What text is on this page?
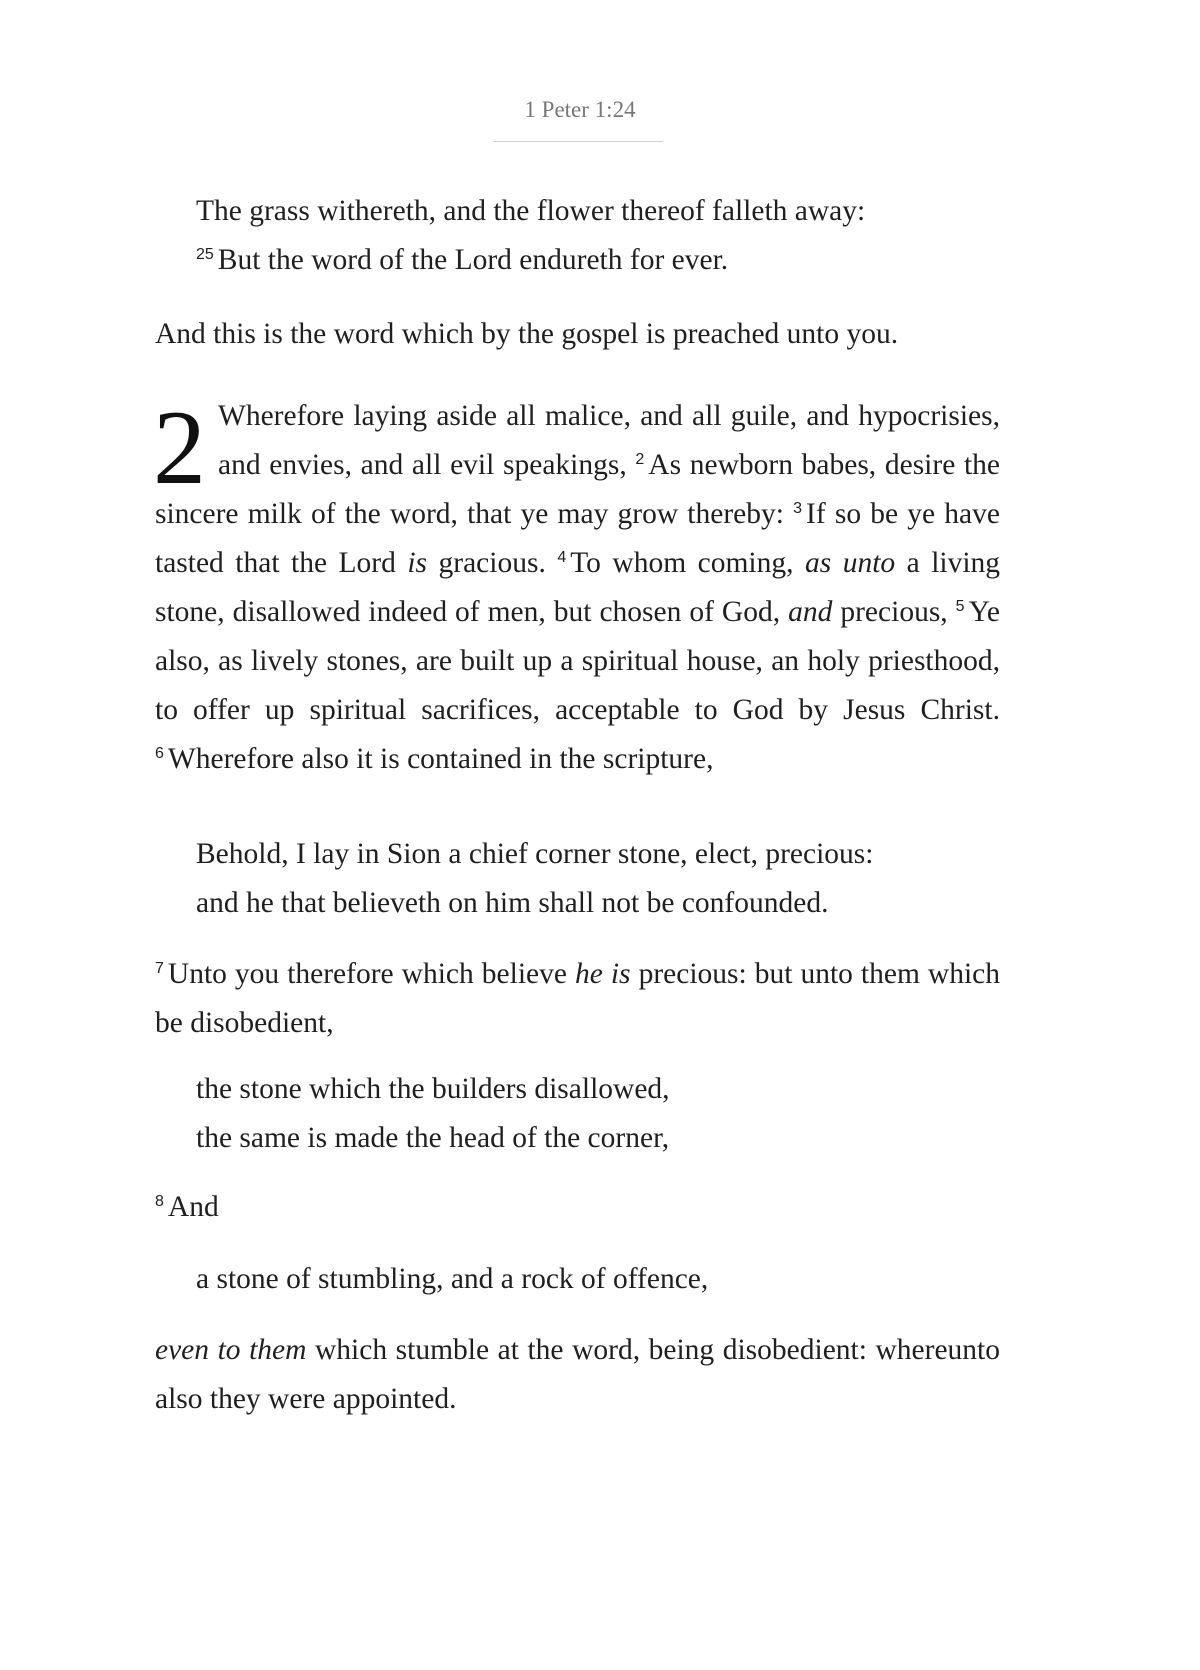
1 Peter 1:24
The grass withereth, and the flower thereof falleth away:
$^{25}$ But the word of the Lord endureth for ever.
And this is the word which by the gospel is preached unto you.
2 Wherefore laying aside all malice, and all guile, and hypocrisies, and envies, and all evil speakings, $^2$ As newborn babes, desire the sincere milk of the word, that ye may grow thereby: $^3$ If so be ye have tasted that the Lord is gracious. $^4$ To whom coming, as unto a living stone, disallowed indeed of men, but chosen of God, and precious, $^5$ Ye also, as lively stones, are built up a spiritual house, an holy priesthood, to offer up spiritual sacrifices, acceptable to God by Jesus Christ. $^6$ Wherefore also it is contained in the scripture,
Behold, I lay in Sion a chief corner stone, elect, precious:
and he that believeth on him shall not be confounded.
$^7$ Unto you therefore which believe he is precious: but unto them which be disobedient,
the stone which the builders disallowed,
the same is made the head of the corner,
$^8$ And
a stone of stumbling, and a rock of offence,
even to them which stumble at the word, being disobedient: whereunto also they were appointed.
